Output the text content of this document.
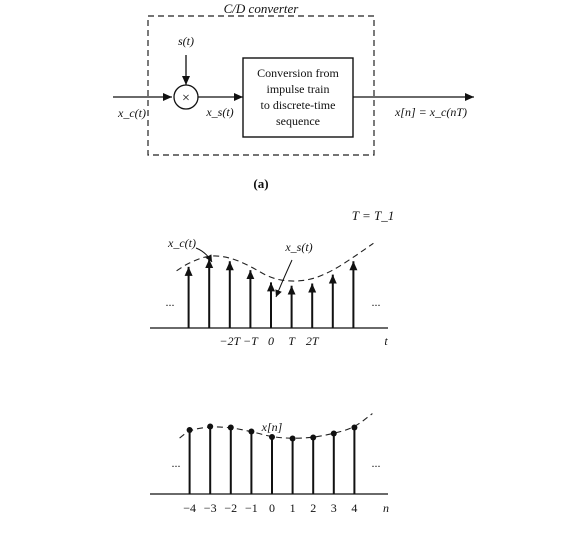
C/D converter
x_c(t)
s(t)
×
x_s(t)
Conversion from
impulse train
to discrete-time
sequence
x[n] = x_c(nT)
(a)
T = T_1
...	...
−2T −T 0 T 2T	t
x_c(t)	x_s(t)
...	...
−4 −3 −2 −1 0 1 2 3 4 n
x[n]
